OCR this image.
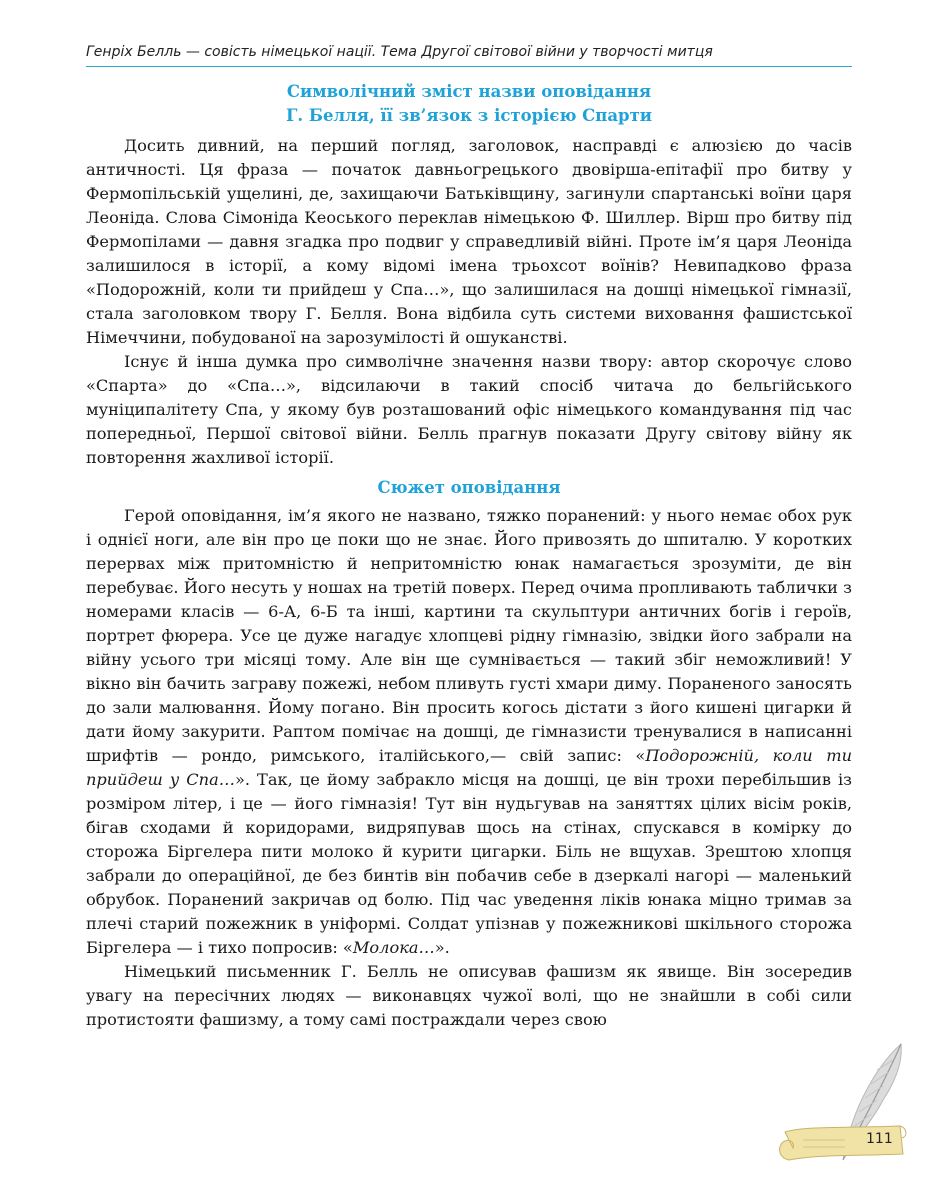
Генріх Белль — совість німецької нації. Тема Другої світової війни у творчості митця
Символічний зміст назви оповідання
Г. Белля, її зв’язок з історією Спарти

Досить дивний, на перший погляд, заголовок, насправді є алюзією до часів античності. Ця фраза — початок давньогрецького двовірша-епітафії про битву у Фермопільській ущелині, де, захищаючи Батьківщину, загинули спартанські воїни царя Леоніда. Слова Сімоніда Кеоського переклав німецькою Ф. Шиллер. Вірш про битву під Фермопілами — давня згадка про подвиг у справедливій війні. Проте ім’я царя Леоніда залишилося в історії, а кому відомі імена трьохсот воїнів? Невипадково фраза «Подорожній, коли ти прийдеш у Спа…», що залишилася на дошці німецької гімназії, стала заголовком твору Г. Белля. Вона відбила суть системи виховання фашистської Німеччини, побудованої на зарозумілості й ошуканстві.

Існує й інша думка про символічне значення назви твору: автор скорочує слово «Спарта» до «Спа…», відсилаючи в такий спосіб читача до бельгійського муніципалітету Спа, у якому був розташований офіс німецького командування під час попередньої, Першої світової війни. Белль прагнув показати Другу світову війну як повторення жахливої історії.

Сюжет оповідання

Герой оповідання, ім’я якого не названо, тяжко поранений: у нього немає обох рук і однієї ноги, але він про це поки що не знає. Його привозять до шпиталю. У коротких перервах між притомністю й непритомністю юнак намагається зрозуміти, де він перебуває. Його несуть у ношах на третій поверх. Перед очима пропливають таблички з номерами класів — 6-А, 6-Б та інші, картини та скульптури античних богів і героїв, портрет фюрера. Усе це дуже нагадує хлопцеві рідну гімназію, звідки його забрали на війну усього три місяці тому. Але він ще сумнівається — такий збіг неможливий! У вікно він бачить заграву пожежі, небом пливуть густі хмари диму. Пораненого заносять до зали малювання. Йому погано. Він просить когось дістати з його кишені цигарки й дати йому закурити. Раптом помічає на дошці, де гімназисти тренувалися в написанні шрифтів — рондо, римського, італійського,— свій запис: «Подорожній, коли ти прийдеш у Спа…». Так, це йому забракло місця на дошці, це він трохи перебільшив із розміром літер, і це — його гімназія! Тут він нудьгував на заняттях цілих вісім років, бігав сходами й коридорами, видряпував щось на стінах, спускався в комірку до сторожа Біргелера пити молоко й курити цигарки. Біль не вщухав. Зрештою хлопця забрали до операційної, де без бинтів він побачив себе в дзеркалі нагорі — маленький обрубок. Поранений закричав од болю. Під час уведення ліків юнака міцно тримав за плечі старий пожежник в уніформі. Солдат упізнав у пожежникові шкільного сторожа Біргелера — і тихо попросив: «Молока…».

Німецький письменник Г. Белль не описував фашизм як явище. Він зосередив увагу на пересічних людях — виконавцях чужої волі, що не знайшли в собі сили протистояти фашизму, а тому самі постраждали через свою

111
